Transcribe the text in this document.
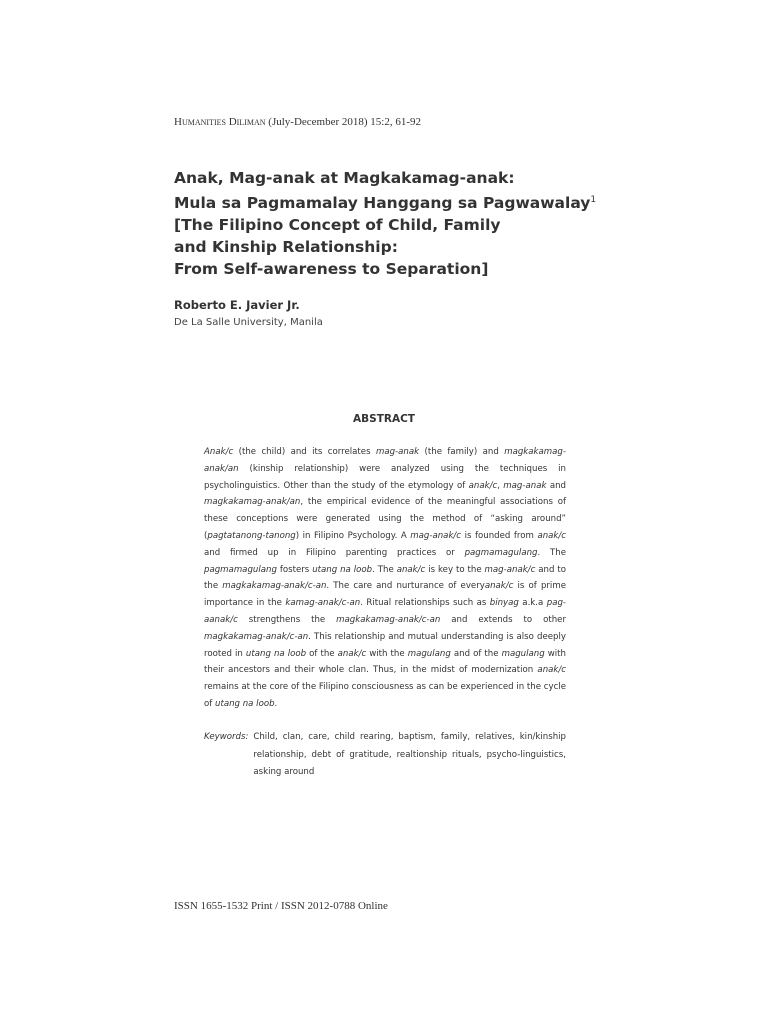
Humanities Diliman (July-December 2018) 15:2, 61-92
Anak, Mag-anak at Magkakamag-anak:
Mula sa Pagmamalay Hanggang sa Pagwawalay$^1$
[The Filipino Concept of Child, Family
and Kinship Relationship:
From Self-awareness to Separation]
Roberto E. Javier Jr.
De La Salle University, Manila
ABSTRACT

Anak/c (the child) and its correlates mag-anak (the family) and magkakamag-anak/an (kinship relationship) were analyzed using the techniques in psycholinguistics. Other than the study of the etymology of anak/c, mag-anak and magkakamag-anak/an, the empirical evidence of the meaningful associations of these conceptions were generated using the method of “asking around” (pagtatanong-tanong) in Filipino Psychology. A mag-anak/c is founded from anak/c and firmed up in Filipino parenting practices or pagmamagulang. The pagmamagulang fosters utang na loob. The anak/c is key to the mag-anak/c and to the magkakamag-anak/c-an. The care and nurturance of everyanak/c is of prime importance in the kamag-anak/c-an. Ritual relationships such as binyag a.k.a pag-aanak/c strengthens the magkakamag-anak/c-an and extends to other magkakamag-anak/c-an. This relationship and mutual understanding is also deeply rooted in utang na loob of the anak/c with the magulang and of the magulang with their ancestors and their whole clan. Thus, in the midst of modernization anak/c remains at the core of the Filipino consciousness as can be experienced in the cycle of utang na loob.

Keywords: Child, clan, care, child rearing, baptism, family, relatives, kin/kinship relationship, debt of gratitude, realtionship rituals, psycho-linguistics, asking around
ISSN 1655-1532 Print / ISSN 2012-0788 Online
